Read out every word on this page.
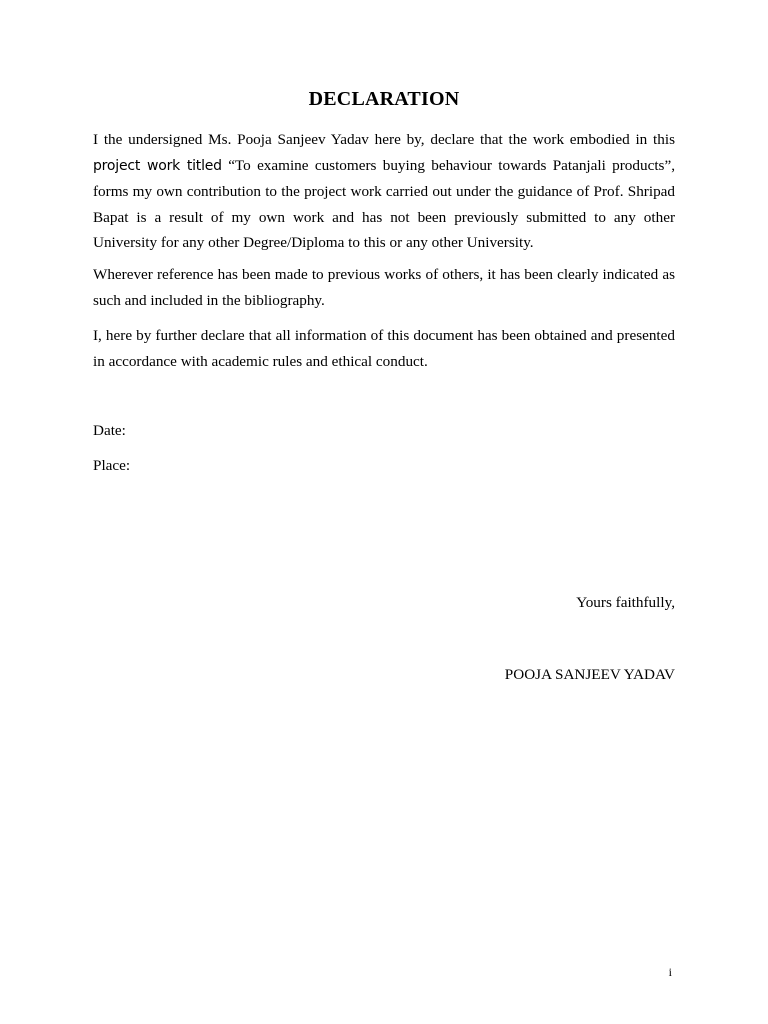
DECLARATION

I the undersigned Ms. Pooja Sanjeev Yadav here by, declare that the work embodied in this project work titled “To examine customers buying behaviour towards Patanjali products”, forms my own contribution to the project work carried out under the guidance of Prof. Shripad Bapat is a result of my own work and has not been previously submitted to any other University for any other Degree/Diploma to this or any other University.

Wherever reference has been made to previous works of others, it has been clearly indicated as such and included in the bibliography.

I, here by further declare that all information of this document has been obtained and presented in accordance with academic rules and ethical conduct.

Date:
Place:
Yours faithfully,
POOJA SANJEEV YADAV
i
